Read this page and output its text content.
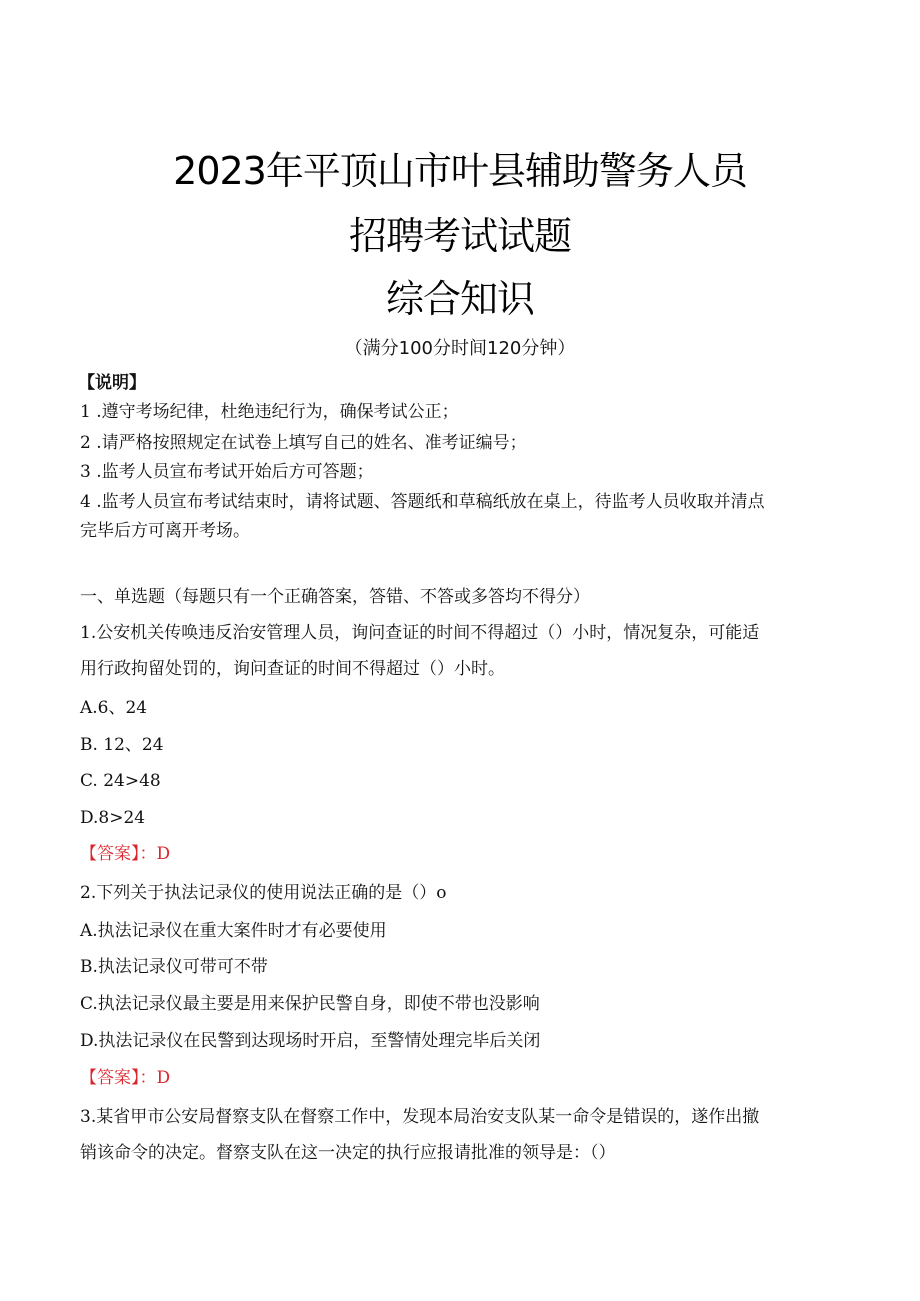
2023年平顶山市叶县辅助警务人员
招聘考试试题
综合知识
（满分100分时间120分钟）
【说明】
1 .遵守考场纪律，杜绝违纪行为，确保考试公正；
2 .请严格按照规定在试卷上填写自己的姓名、准考证编号；
3 .监考人员宣布考试开始后方可答题；
4 .监考人员宣布考试结束时，请将试题、答题纸和草稿纸放在桌上，待监考人员收取并清点
完毕后方可离开考场。
一、单选题（每题只有一个正确答案，答错、不答或多答均不得分）
1.公安机关传唤违反治安管理人员，询问查证的时间不得超过（）小时，情况复杂，可能适
用行政拘留处罚的，询问查证的时间不得超过（）小时。
A.6、24
B. 12、24
C. 24>48
D.8>24
【答案】：D
2.下列关于执法记录仪的使用说法正确的是（）o
A.执法记录仪在重大案件时才有必要使用
B.执法记录仪可带可不带
C.执法记录仪最主要是用来保护民警自身，即使不带也没影响
D.执法记录仪在民警到达现场时开启，至警情处理完毕后关闭
【答案】：D
3.某省甲市公安局督察支队在督察工作中，发现本局治安支队某一命令是错误的，遂作出撤
销该命令的决定。督察支队在这一决定的执行应报请批准的领导是：（）
